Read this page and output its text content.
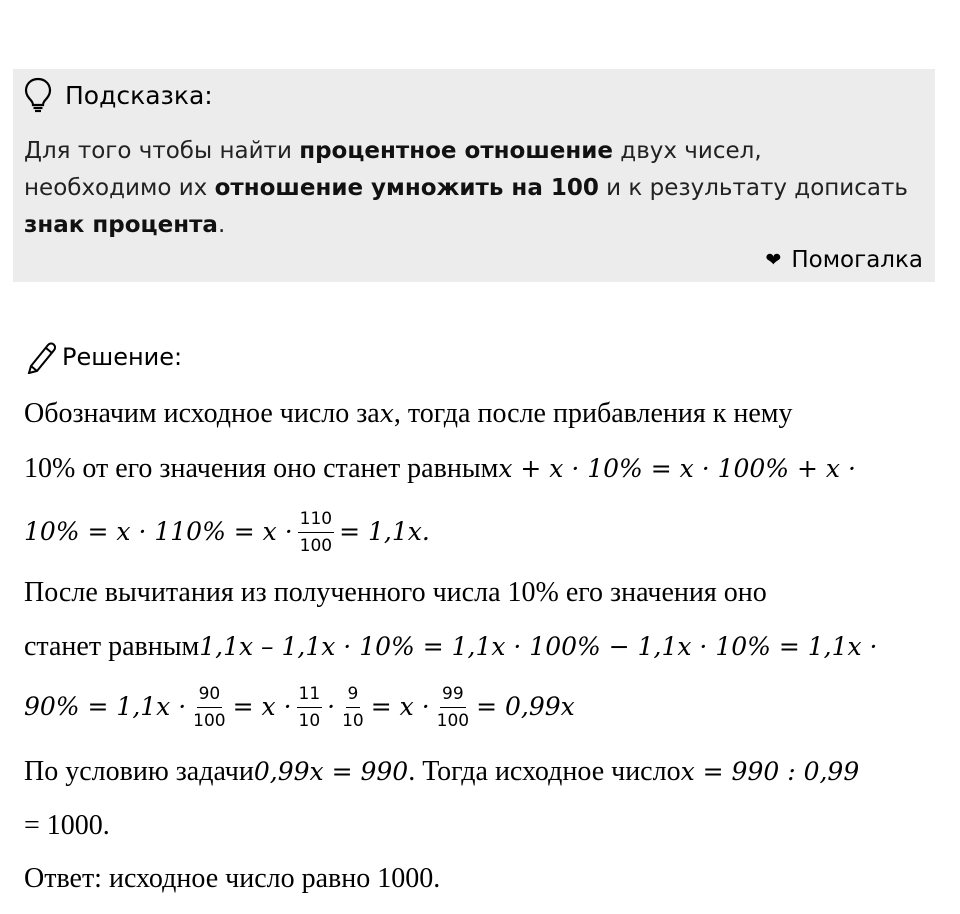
Подсказка:
Для того чтобы найти процентное отношение двух чисел,
необходимо их отношение умножить на 100 и к результату дописать
знак процента.
❤ Помогалка
Решение:
Обозначим исходное число за x , тогда после прибавления к нему
10% от его значения оно станет равным x + x · 10% = x · 100% + x ·
$10\% = x \cdot 110\% = x \cdot \frac{110}{100} = 1,1x$.
После вычитания из полученного числа 10% его значения оно
станет равным 1,1x – 1,1x · 10% = 1,1x · 100% − 1,1x · 10% = 1,1x ·
$90\% = 1,1x \cdot \frac{90}{100} = x \cdot \frac{11}{10} \cdot \frac{9}{10} = x \cdot \frac{99}{100} = 0,99x$
По условию задачи 0,99x = 990 . Тогда исходное число x = 990 : 0,99
= 1000.
Ответ: исходное число равно 1000.
